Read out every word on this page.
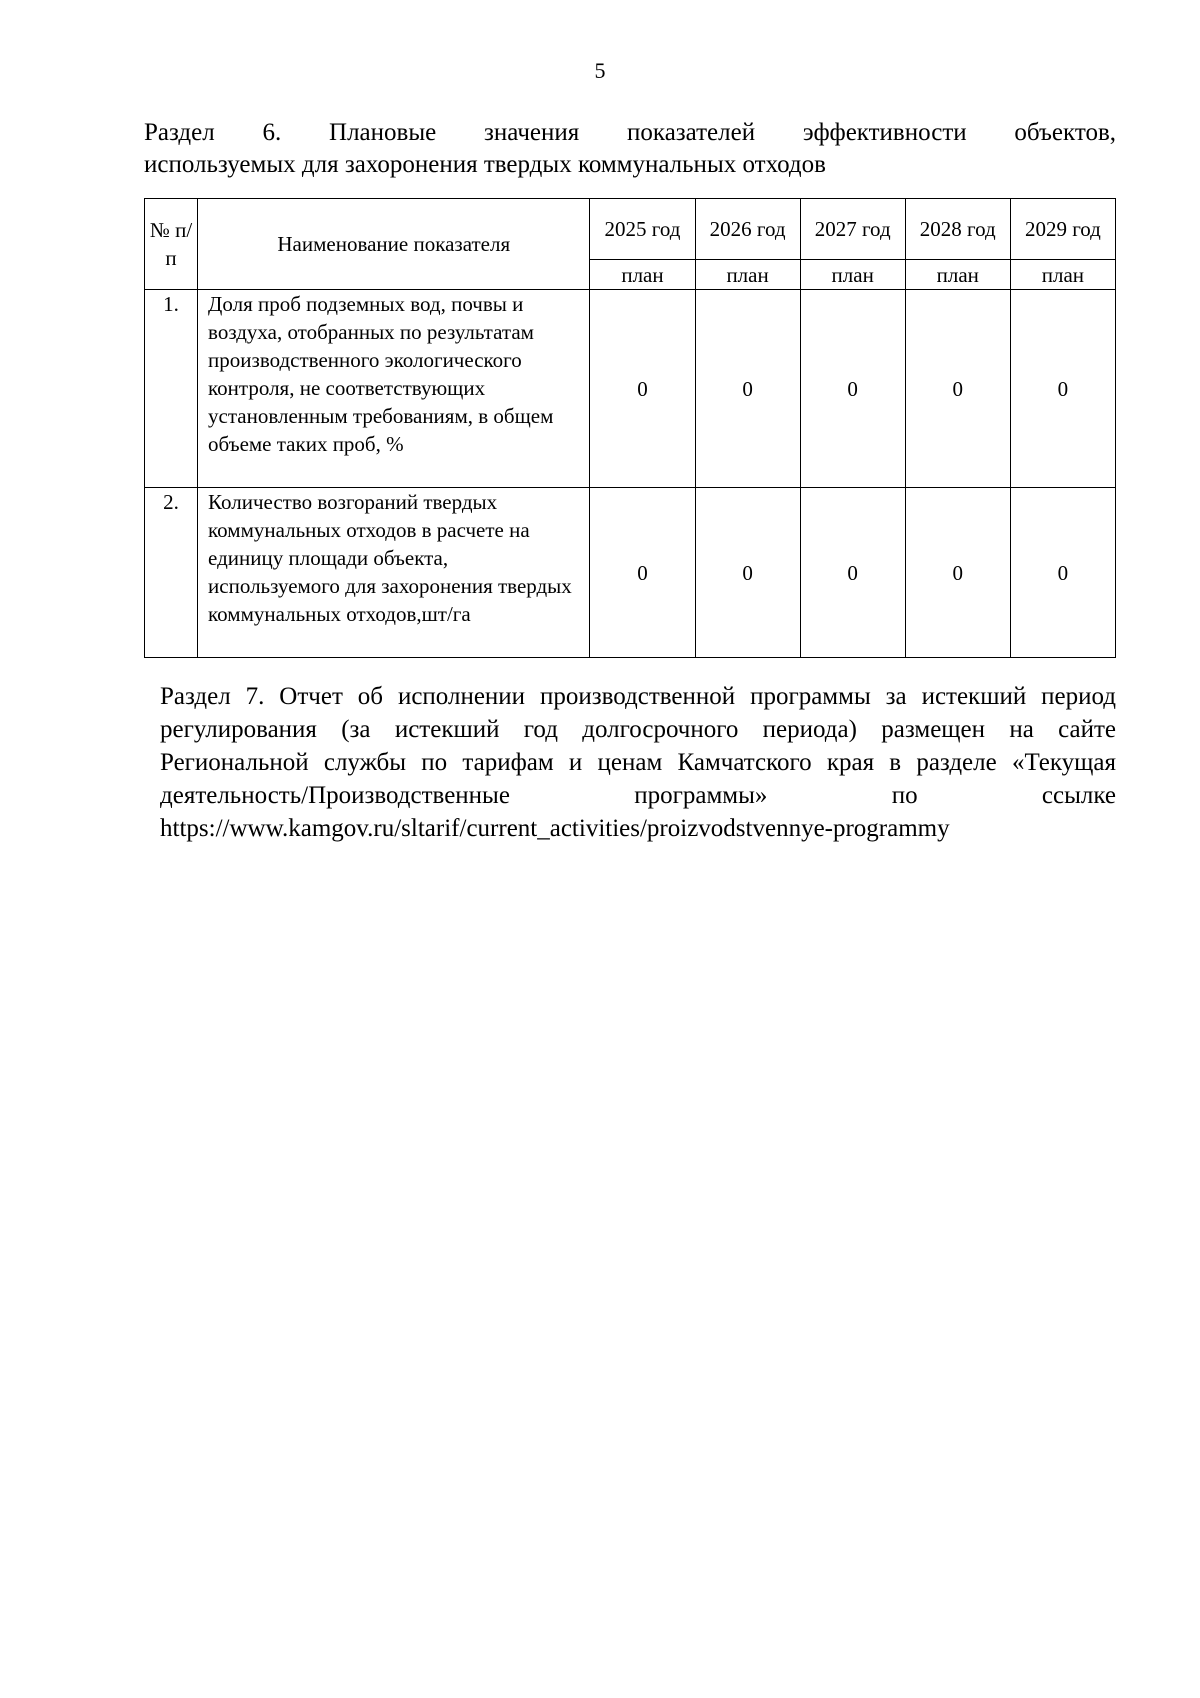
5
Раздел 6. Плановые значения показателей эффективности объектов,
используемых для захоронения твердых коммунальных отходов
№ п/п	Наименование показателя	2025 год	2026 год	2027 год	2028 год	2029 год
		план	план	план	план	план
1.	Доля проб подземных вод, почвы и воздуха, отобранных по результатам производственного экологического контроля, не соответствующих установленным требованиям, в общем объеме таких проб, %	0	0	0	0	0
2.	Количество возгораний твердых коммунальных отходов в расчете на единицу площади объекта, используемого для захоронения твердых коммунальных отходов,шт/га	0	0	0	0	0
Раздел 7. Отчет об исполнении производственной программы за истекший период регулирования (за истекший год долгосрочного периода) размещен на сайте Региональной службы по тарифам и ценам Камчатского края в разделе «Текущая деятельность/Производственные программы» по ссылке
https://www.kamgov.ru/sltarif/current_activities/proizvodstvennye-programmy
